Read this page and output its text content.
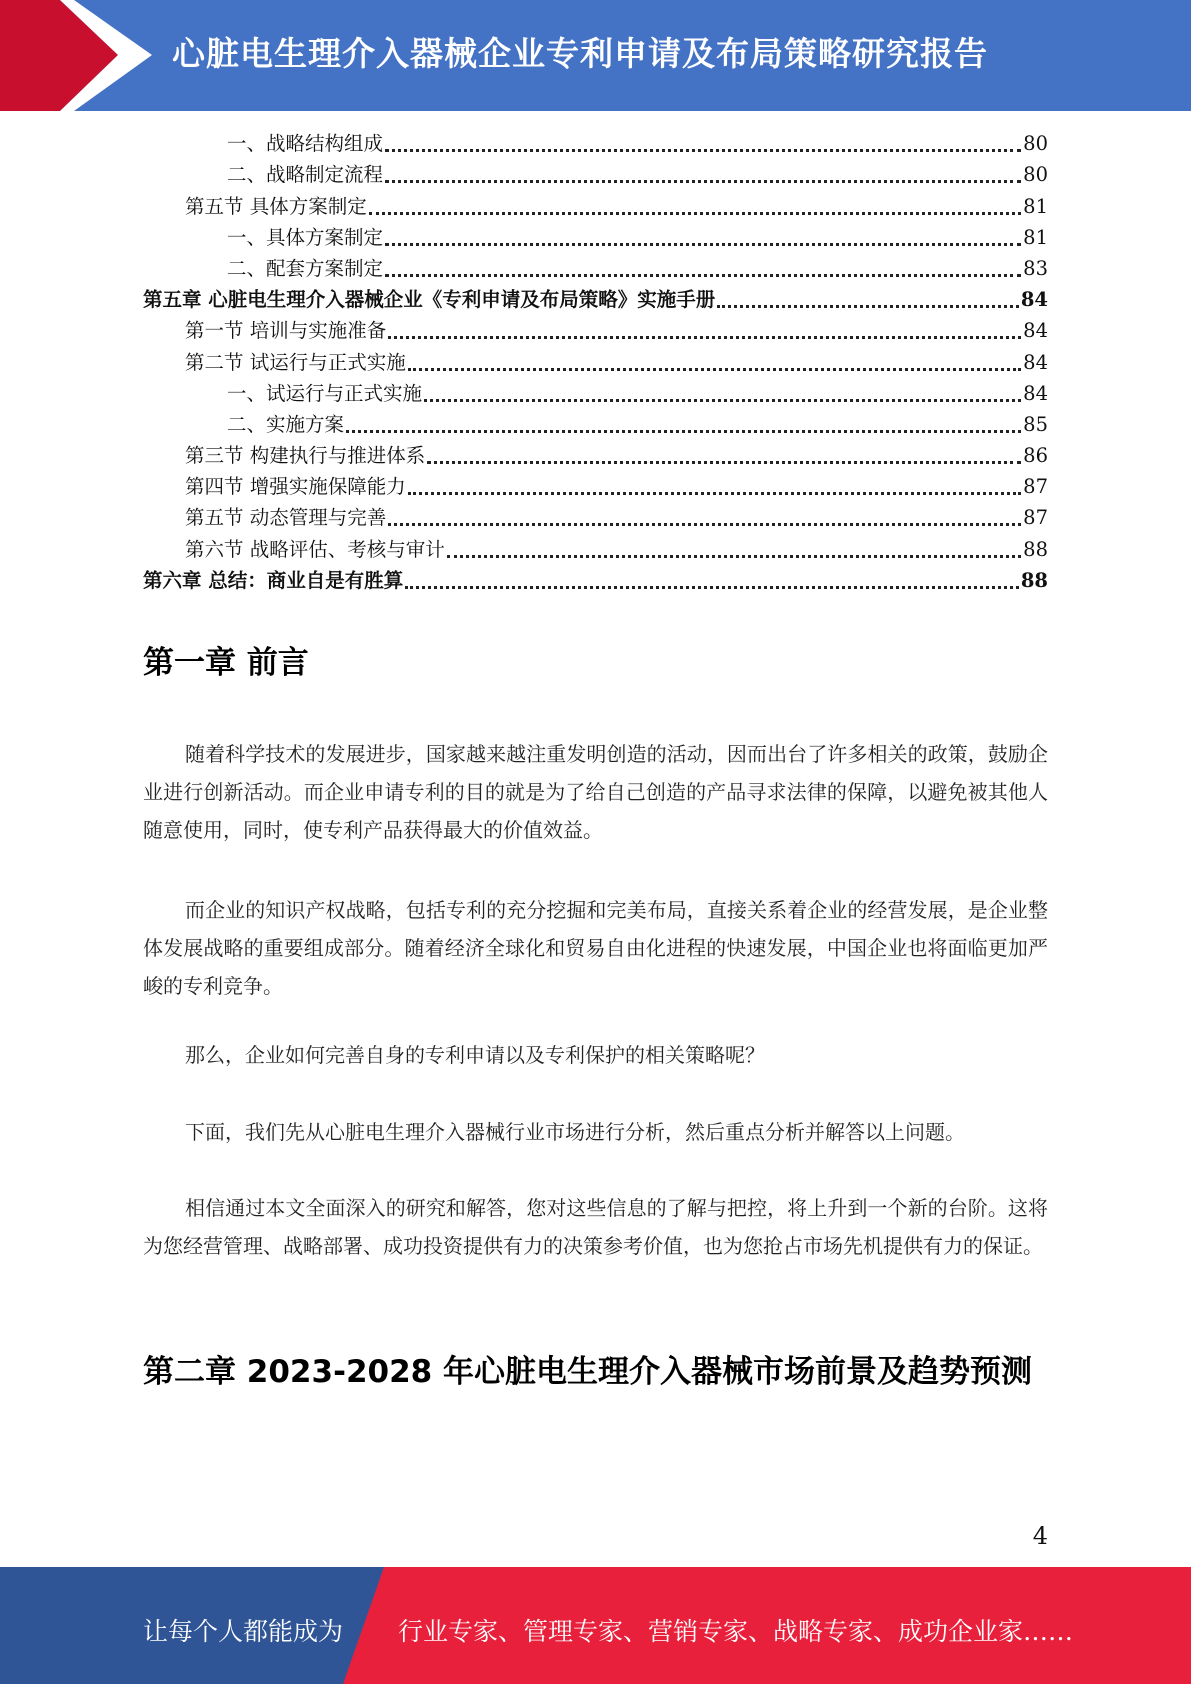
心脏电生理介入器械企业专利申请及布局策略研究报告
一、战略结构组成	80
二、战略制定流程	80
第五节 具体方案制定	81
一、具体方案制定	81
二、配套方案制定	83
第五章 心脏电生理介入器械企业《专利申请及布局策略》实施手册	84
第一节 培训与实施准备	84
第二节 试运行与正式实施	84
一、试运行与正式实施	84
二、实施方案	85
第三节 构建执行与推进体系	86
第四节 增强实施保障能力	87
第五节 动态管理与完善	87
第六节 战略评估、考核与审计	88
第六章 总结：商业自是有胜算	88
第一章 前言

随着科学技术的发展进步，国家越来越注重发明创造的活动，因而出台了许多相关的政策，鼓励企业进行创新活动。而企业申请专利的目的就是为了给自己创造的产品寻求法律的保障，以避免被其他人随意使用，同时，使专利产品获得最大的价值效益。

而企业的知识产权战略，包括专利的充分挖掘和完美布局，直接关系着企业的经营发展，是企业整体发展战略的重要组成部分。随着经济全球化和贸易自由化进程的快速发展，中国企业也将面临更加严峻的专利竞争。

那么，企业如何完善自身的专利申请以及专利保护的相关策略呢？

下面，我们先从心脏电生理介入器械行业市场进行分析，然后重点分析并解答以上问题。

相信通过本文全面深入的研究和解答，您对这些信息的了解与把控，将上升到一个新的台阶。这将为您经营管理、战略部署、成功投资提供有力的决策参考价值，也为您抢占市场先机提供有力的保证。

第二章 2023-2028 年心脏电生理介入器械市场前景及趋势预测
4
让每个人都能成为 行业专家、管理专家、营销专家、战略专家、成功企业家……
